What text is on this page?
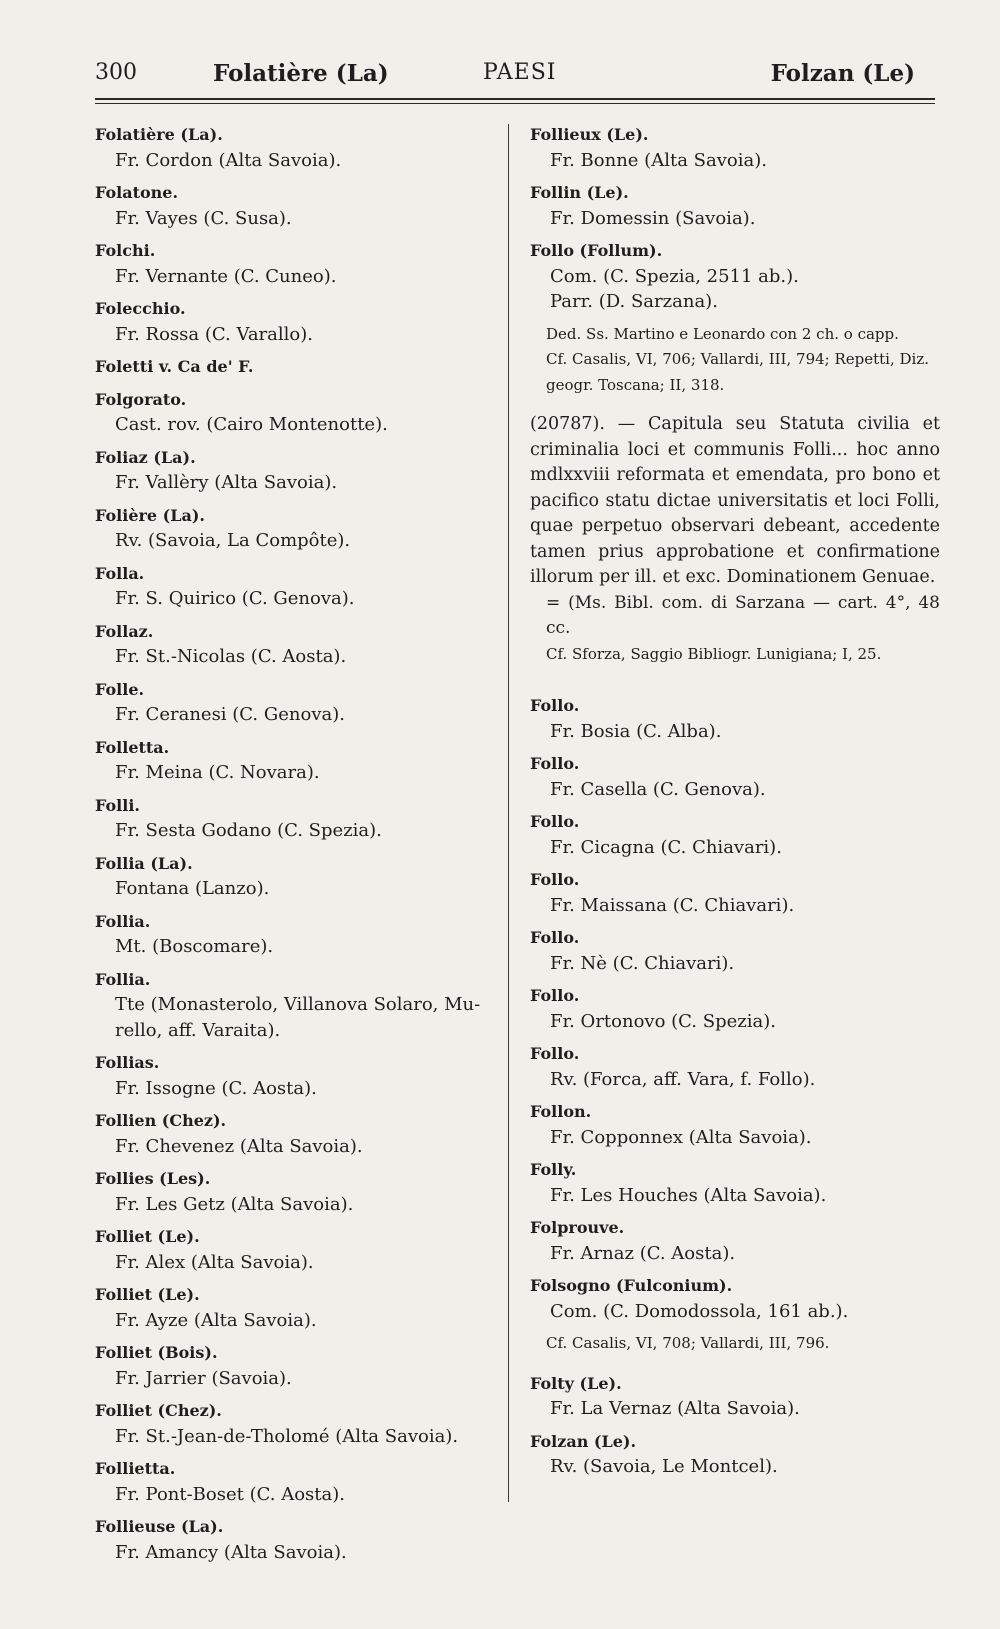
300	Folatière (La)	PAESI	Folzan (Le)
Folatière (La).
Fr. Cordon (Alta Savoia).
Folatone.
Fr. Vayes (C. Susa).
Folchi.
Fr. Vernante (C. Cuneo).
Folecchio.
Fr. Rossa (C. Varallo).
Foletti v. Ca de' F.
Folgorato.
Cast. rov. (Cairo Montenotte).
Foliaz (La).
Fr. Vallèry (Alta Savoia).
Folière (La).
Rv. (Savoia, La Compôte).
Folla.
Fr. S. Quirico (C. Genova).
Follaz.
Fr. St.-Nicolas (C. Aosta).
Folle.
Fr. Ceranesi (C. Genova).
Folletta.
Fr. Meina (C. Novara).
Folli.
Fr. Sesta Godano (C. Spezia).
Follia (La).
Fontana (Lanzo).
Follia.
Mt. (Boscomare).
Follia.
Tte (Monasterolo, Villanova Solaro, Mu-
rello, aff. Varaita).
Follias.
Fr. Issogne (C. Aosta).
Follien (Chez).
Fr. Chevenez (Alta Savoia).
Follies (Les).
Fr. Les Getz (Alta Savoia).
Folliet (Le).
Fr. Alex (Alta Savoia).
Folliet (Le).
Fr. Ayze (Alta Savoia).
Folliet (Bois).
Fr. Jarrier (Savoia).
Folliet (Chez).
Fr. St.-Jean-de-Tholomé (Alta Savoia).
Follietta.
Fr. Pont-Boset (C. Aosta).
Follieuse (La).
Fr. Amancy (Alta Savoia).
Follieux (Le).
Fr. Bonne (Alta Savoia).
Follin (Le).
Fr. Domessin (Savoia).
Follo (Follum).
Com. (C. Spezia, 2511 ab.).
Parr. (D. Sarzana).
Ded. Ss. Martino e Leonardo con 2 ch. o capp.
Cf. Casalis, VI, 706; Vallardi, III, 794; Repetti, Diz. geogr. Toscana; II, 318.
(20787). — Capitula seu Statuta civilia et criminalia loci et communis Folli... hoc anno mdlxxviii reformata et emendata, pro bono et pacifico statu dictae universitatis et loci Folli, quae perpetuo observari debeant, accedente tamen prius approbatione et confirmatione illorum per ill. et exc. Dominationem Genuae.
= (Ms. Bibl. com. di Sarzana — cart. 4°, 48 cc.
Cf. Sforza, Saggio Bibliogr. Lunigiana; I, 25.
Follo.
Fr. Bosia (C. Alba).
Follo.
Fr. Casella (C. Genova).
Follo.
Fr. Cicagna (C. Chiavari).
Follo.
Fr. Maissana (C. Chiavari).
Follo.
Fr. Nè (C. Chiavari).
Follo.
Fr. Ortonovo (C. Spezia).
Follo.
Rv. (Forca, aff. Vara, f. Follo).
Follon.
Fr. Copponnex (Alta Savoia).
Folly.
Fr. Les Houches (Alta Savoia).
Folprouve.
Fr. Arnaz (C. Aosta).
Folsogno (Fulconium).
Com. (C. Domodossola, 161 ab.).
Cf. Casalis, VI, 708; Vallardi, III, 796.
Folty (Le).
Fr. La Vernaz (Alta Savoia).
Folzan (Le).
Rv. (Savoia, Le Montcel).
